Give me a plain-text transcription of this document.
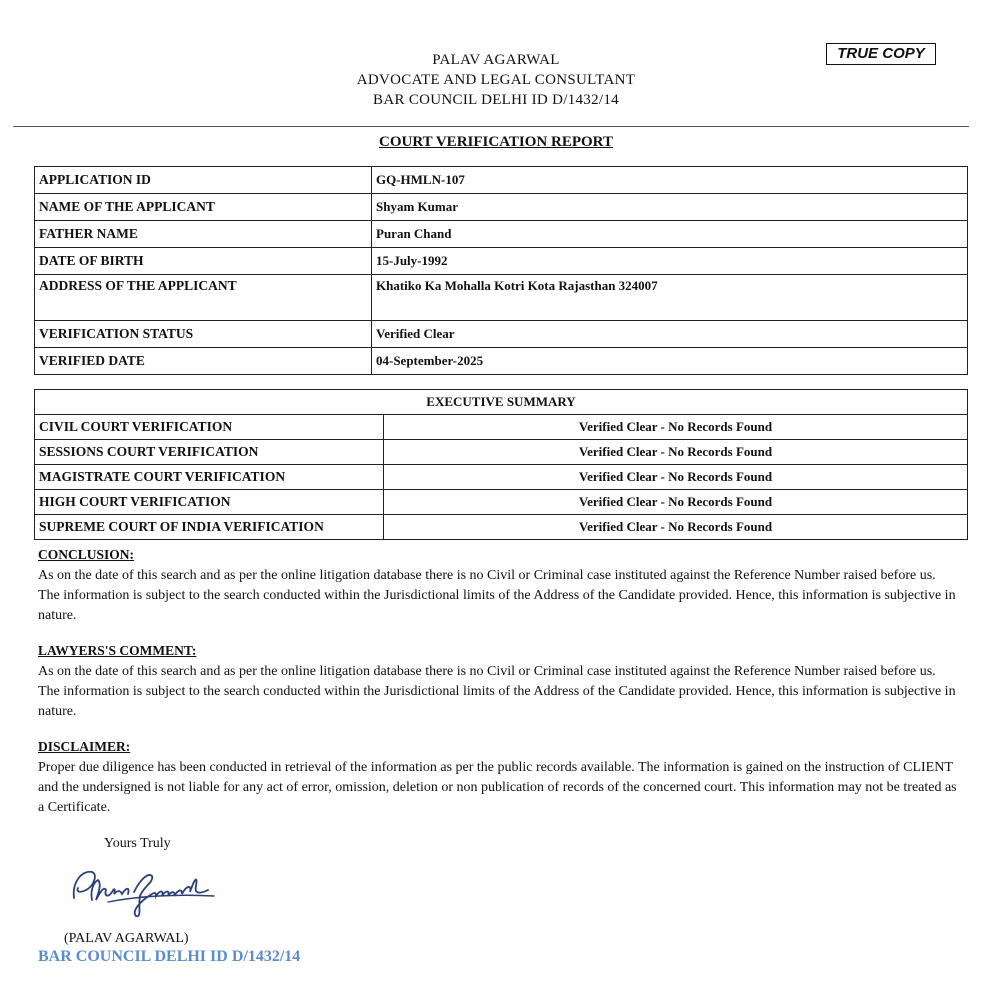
PALAV AGARWAL
ADVOCATE AND LEGAL CONSULTANT
BAR COUNCIL DELHI ID D/1432/14
TRUE COPY
COURT VERIFICATION REPORT
APPLICATION ID	GQ-HMLN-107
NAME OF THE APPLICANT	Shyam Kumar
FATHER NAME	Puran Chand
DATE OF BIRTH	15-July-1992
ADDRESS OF THE APPLICANT	Khatiko Ka Mohalla Kotri Kota Rajasthan 324007
VERIFICATION STATUS	Verified Clear
VERIFIED DATE	04-September-2025
EXECUTIVE SUMMARY	
CIVIL COURT VERIFICATION	Verified Clear - No Records Found
SESSIONS COURT VERIFICATION	Verified Clear - No Records Found
MAGISTRATE COURT VERIFICATION	Verified Clear - No Records Found
HIGH COURT VERIFICATION	Verified Clear - No Records Found
SUPREME COURT OF INDIA VERIFICATION	Verified Clear - No Records Found
CONCLUSION:
As on the date of this search and as per the online litigation database there is no Civil or Criminal case instituted against the Reference Number raised before us. The information is subject to the search conducted within the Jurisdictional limits of the Address of the Candidate provided. Hence, this information is subjective in nature.
LAWYERS'S COMMENT:
As on the date of this search and as per the online litigation database there is no Civil or Criminal case instituted against the Reference Number raised before us. The information is subject to the search conducted within the Jurisdictional limits of the Address of the Candidate provided. Hence, this information is subjective in nature.
DISCLAIMER:
Proper due diligence has been conducted in retrieval of the information as per the public records available. The information is gained on the instruction of CLIENT and the undersigned is not liable for any act of error, omission, deletion or non publication of records of the concerned court. This information may not be treated as a Certificate.
Yours Truly
(PALAV AGARWAL)
BAR COUNCIL DELHI ID D/1432/14
